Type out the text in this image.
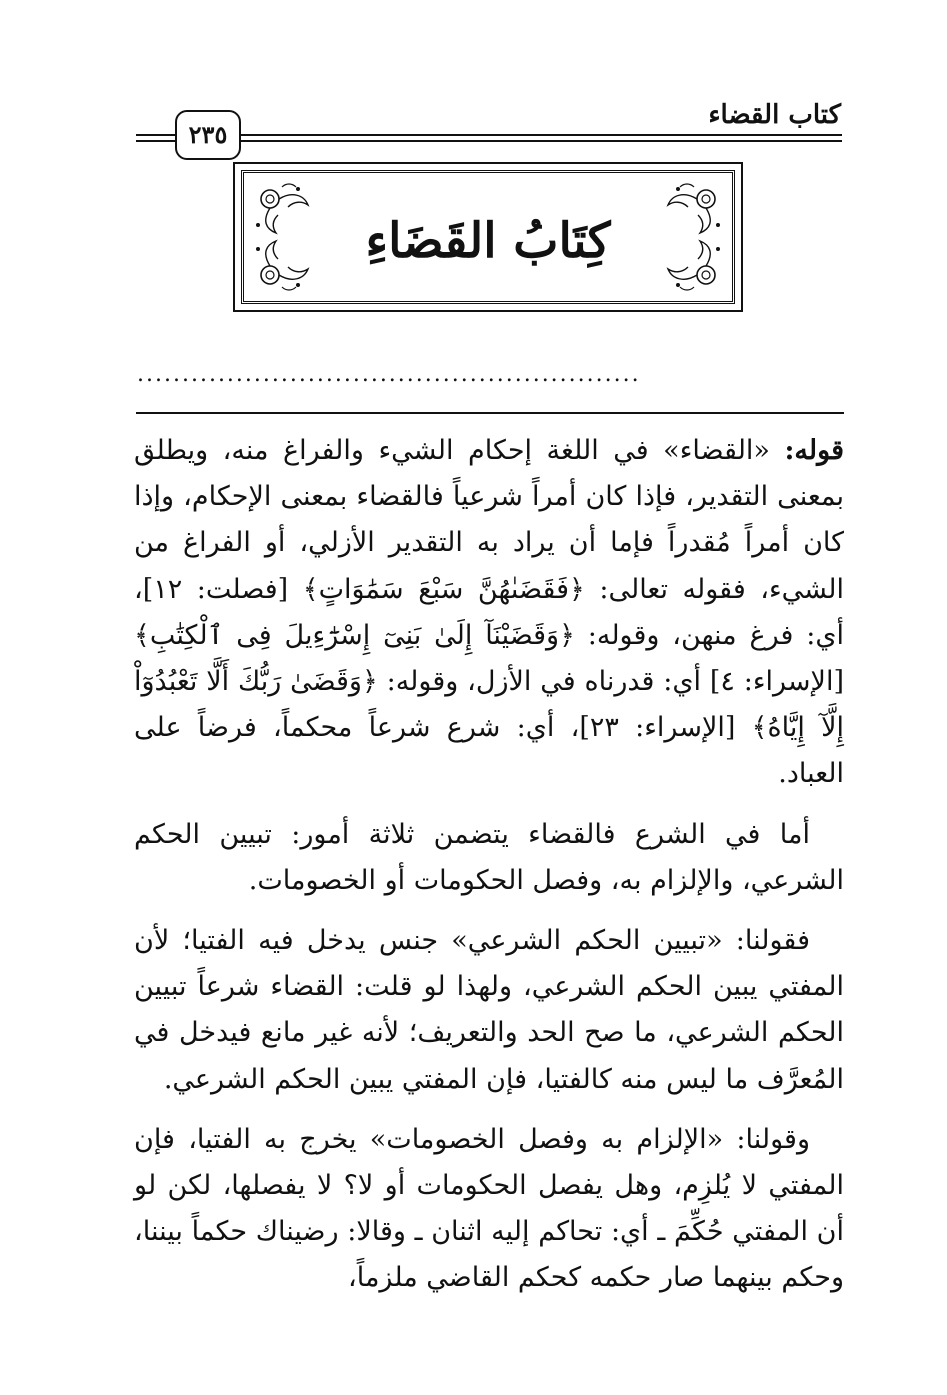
كتاب القضاء
٢٣٥
كِتَابُ القَضَاءِ
........................................................

قوله: «القضاء» في اللغة إحكام الشيء والفراغ منه، ويطلق بمعنى التقدير، فإذا كان أمراً شرعياً فالقضاء بمعنى الإحكام، وإذا كان أمراً مُقدراً فإما أن يراد به التقدير الأزلي، أو الفراغ من الشيء، فقوله تعالى: ﴿فَقَضَىٰهُنَّ سَبْعَ سَمَٰوَاتٍ﴾ [فصلت: ١٢]، أي: فرغ منهن، وقوله: ﴿وَقَضَيْنَآ إِلَىٰ بَنِىٓ إِسْرَٰٓءِيلَ فِى ٱلْكِتَٰبِ﴾ [الإسراء: ٤] أي: قدرناه في الأزل، وقوله: ﴿وَقَضَىٰ رَبُّكَ أَلَّا تَعْبُدُوٓاْ إِلَّآ إِيَّاهُ﴾ [الإسراء: ٢٣]، أي: شرع شرعاً محكماً، فرضاً على العباد.

أما في الشرع فالقضاء يتضمن ثلاثة أمور: تبيين الحكم الشرعي، والإلزام به، وفصل الحكومات أو الخصومات.

فقولنا: «تبيين الحكم الشرعي» جنس يدخل فيه الفتيا؛ لأن المفتي يبين الحكم الشرعي، ولهذا لو قلت: القضاء شرعاً تبيين الحكم الشرعي، ما صح الحد والتعريف؛ لأنه غير مانع فيدخل في المُعرَّف ما ليس منه كالفتيا، فإن المفتي يبين الحكم الشرعي.

وقولنا: «الإلزام به وفصل الخصومات» يخرج به الفتيا، فإن المفتي لا يُلزِم، وهل يفصل الحكومات أو لا؟ لا يفصلها، لكن لو أن المفتي حُكِّمَ ـ أي: تحاكم إليه اثنان ـ وقالا: رضيناك حكماً بيننا، وحكم بينهما صار حكمه كحكم القاضي ملزماً،
